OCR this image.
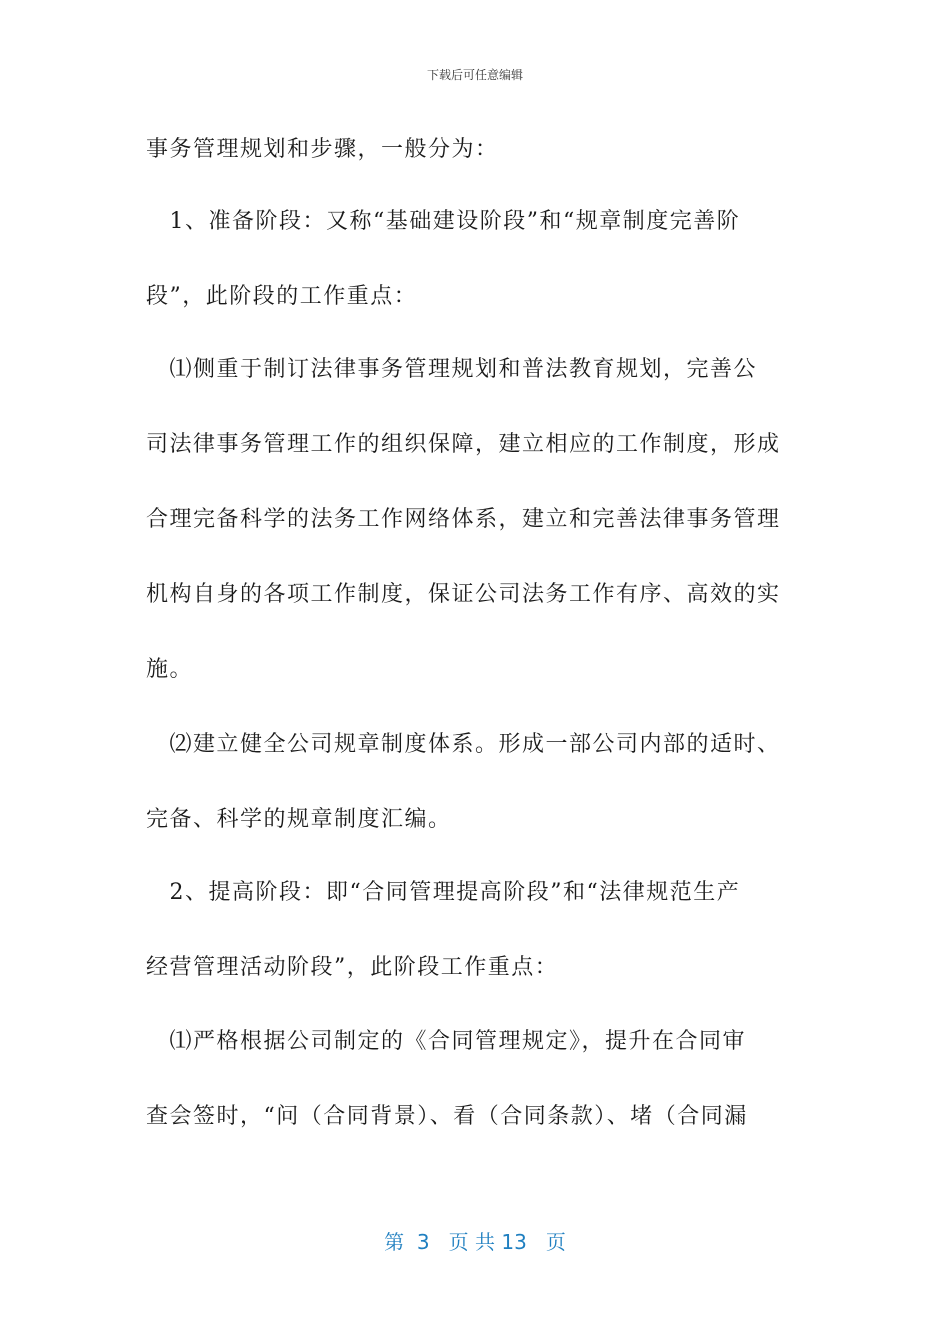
下载后可任意编辑
事务管理规划和步骤，一般分为：
　1、准备阶段：又称“基础建设阶段”和“规章制度完善阶
段”，此阶段的工作重点：
　⑴侧重于制订法律事务管理规划和普法教育规划，完善公
司法律事务管理工作的组织保障，建立相应的工作制度，形成
合理完备科学的法务工作网络体系，建立和完善法律事务管理
机构自身的各项工作制度，保证公司法务工作有序、高效的实
施。
　⑵建立健全公司规章制度体系。形成一部公司内部的适时、
完备、科学的规章制度汇编。
　2、提高阶段：即“合同管理提高阶段”和“法律规范生产
经营管理活动阶段”，此阶段工作重点：
　⑴严格根据公司制定的《合同管理规定》，提升在合同审
查会签时，“问（合同背景）、看（合同条款）、堵（合同漏
第  3   页 共 13   页
